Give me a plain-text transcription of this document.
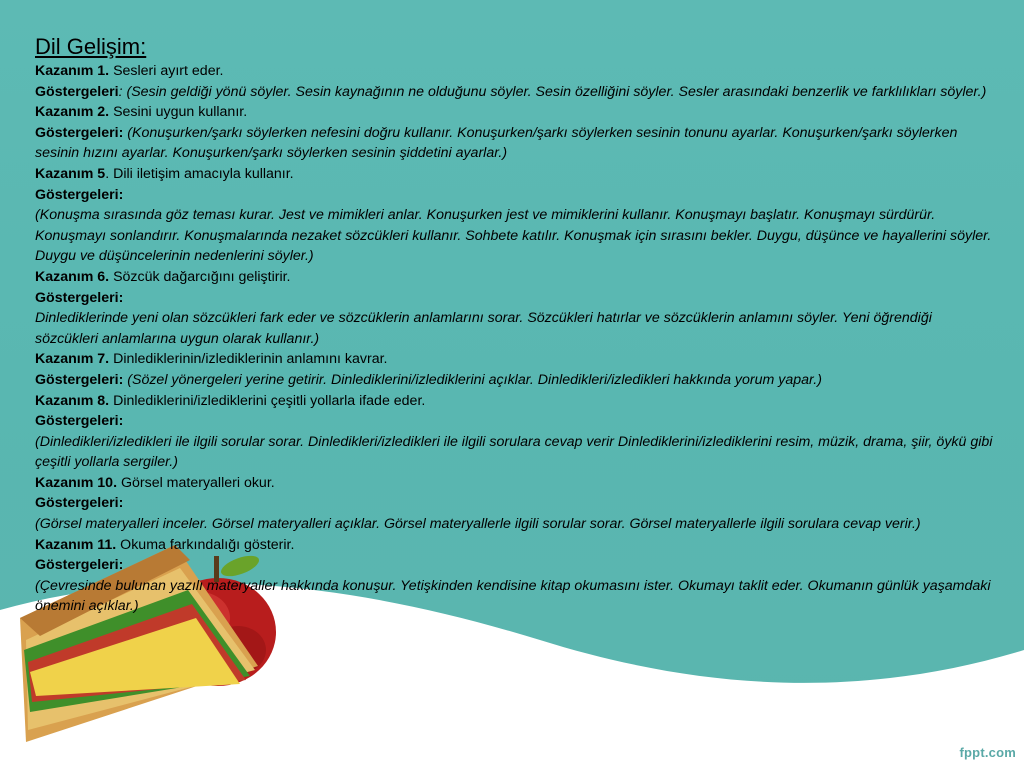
Dil Gelişim:

Kazanım 1. Sesleri ayırt eder.

Göstergeleri: (Sesin geldiği yönü söyler. Sesin kaynağının ne olduğunu söyler. Sesin özelliğini söyler. Sesler arasındaki benzerlik ve farklılıkları söyler.)

Kazanım 2. Sesini uygun kullanır.

Göstergeleri: (Konuşurken/şarkı söylerken nefesini doğru kullanır. Konuşurken/şarkı söylerken sesinin tonunu ayarlar. Konuşurken/şarkı söylerken sesinin hızını ayarlar. Konuşurken/şarkı söylerken sesinin şiddetini ayarlar.)

Kazanım 5. Dili iletişim amacıyla kullanır.

Göstergeleri:

(Konuşma sırasında göz teması kurar. Jest ve mimikleri anlar. Konuşurken jest ve mimiklerini kullanır. Konuşmayı başlatır. Konuşmayı sürdürür. Konuşmayı sonlandırır. Konuşmalarında nezaket sözcükleri kullanır. Sohbete katılır. Konuşmak için sırasını bekler. Duygu, düşünce ve hayallerini söyler. Duygu ve düşüncelerinin nedenlerini söyler.)

Kazanım 6. Sözcük dağarcığını geliştirir.

Göstergeleri:

Dinlediklerinde yeni olan sözcükleri fark eder ve sözcüklerin anlamlarını sorar. Sözcükleri hatırlar ve sözcüklerin anlamını söyler. Yeni öğrendiği sözcükleri anlamlarına uygun olarak kullanır.)

Kazanım 7. Dinlediklerinin/izlediklerinin anlamını kavrar.

Göstergeleri: (Sözel yönergeleri yerine getirir. Dinlediklerini/izlediklerini açıklar. Dinledikleri/izledikleri hakkında yorum yapar.)

Kazanım 8. Dinlediklerini/izlediklerini çeşitli yollarla ifade eder.

Göstergeleri:

(Dinledikleri/izledikleri ile ilgili sorular sorar. Dinledikleri/izledikleri ile ilgili sorulara cevap verir Dinlediklerini/izlediklerini resim, müzik, drama, şiir, öykü gibi çeşitli yollarla sergiler.)

Kazanım 10. Görsel materyalleri okur.

Göstergeleri:

(Görsel materyalleri inceler. Görsel materyalleri açıklar. Görsel materyallerle ilgili sorular sorar. Görsel materyallerle ilgili sorulara cevap verir.)

Kazanım 11. Okuma farkındalığı gösterir.

Göstergeleri:

(Çevresinde bulunan yazılı materyaller hakkında konuşur. Yetişkinden kendisine kitap okumasını ister. Okumayı taklit eder. Okumanın günlük yaşamdaki önemini açıklar.)

fppt.com
